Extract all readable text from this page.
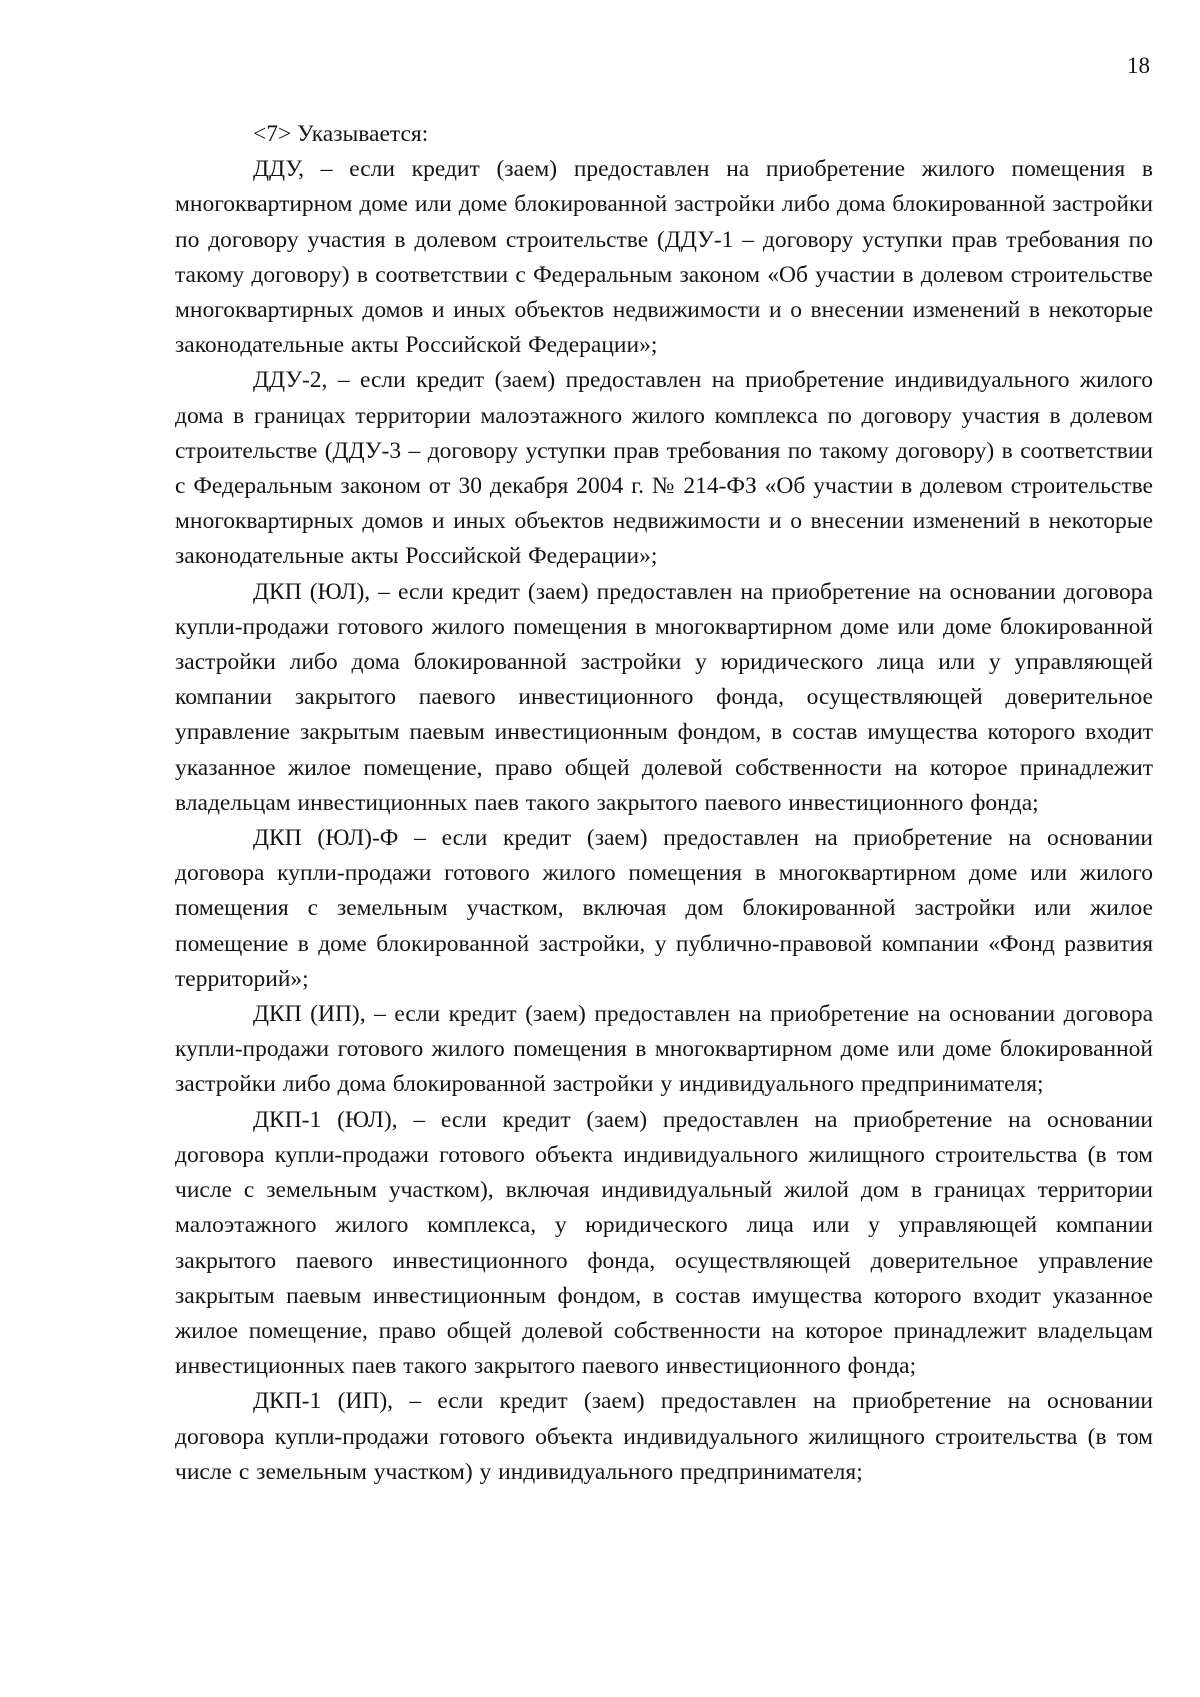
18

<7> Указывается:

ДДУ, – если кредит (заем) предоставлен на приобретение жилого помещения в многоквартирном доме или доме блокированной застройки либо дома блокированной застройки по договору участия в долевом строительстве (ДДУ-1 – договору уступки прав требования по такому договору) в соответствии с Федеральным законом «Об участии в долевом строительстве многоквартирных домов и иных объектов недвижимости и о внесении изменений в некоторые законодательные акты Российской Федерации»;

ДДУ-2, – если кредит (заем) предоставлен на приобретение индивидуального жилого дома в границах территории малоэтажного жилого комплекса по договору участия в долевом строительстве (ДДУ-3 – договору уступки прав требования по такому договору) в соответствии с Федеральным законом от 30 декабря 2004 г. № 214-ФЗ «Об участии в долевом строительстве многоквартирных домов и иных объектов недвижимости и о внесении изменений в некоторые законодательные акты Российской Федерации»;

ДКП (ЮЛ), – если кредит (заем) предоставлен на приобретение на основании договора купли-продажи готового жилого помещения в многоквартирном доме или доме блокированной застройки либо дома блокированной застройки у юридического лица или у управляющей компании закрытого паевого инвестиционного фонда, осуществляющей доверительное управление закрытым паевым инвестиционным фондом, в состав имущества которого входит указанное жилое помещение, право общей долевой собственности на которое принадлежит владельцам инвестиционных паев такого закрытого паевого инвестиционного фонда;

ДКП (ЮЛ)-Ф – если кредит (заем) предоставлен на приобретение на основании договора купли-продажи готового жилого помещения в многоквартирном доме или жилого помещения с земельным участком, включая дом блокированной застройки или жилое помещение в доме блокированной застройки, у публично-правовой компании «Фонд развития территорий»;

ДКП (ИП), – если кредит (заем) предоставлен на приобретение на основании договора купли-продажи готового жилого помещения в многоквартирном доме или доме блокированной застройки либо дома блокированной застройки у индивидуального предпринимателя;

ДКП-1 (ЮЛ), – если кредит (заем) предоставлен на приобретение на основании договора купли-продажи готового объекта индивидуального жилищного строительства (в том числе с земельным участком), включая индивидуальный жилой дом в границах территории малоэтажного жилого комплекса, у юридического лица или у управляющей компании закрытого паевого инвестиционного фонда, осуществляющей доверительное управление закрытым паевым инвестиционным фондом, в состав имущества которого входит указанное жилое помещение, право общей долевой собственности на которое принадлежит владельцам инвестиционных паев такого закрытого паевого инвестиционного фонда;

ДКП-1 (ИП), – если кредит (заем) предоставлен на приобретение на основании договора купли-продажи готового объекта индивидуального жилищного строительства (в том числе с земельным участком) у индивидуального предпринимателя;
